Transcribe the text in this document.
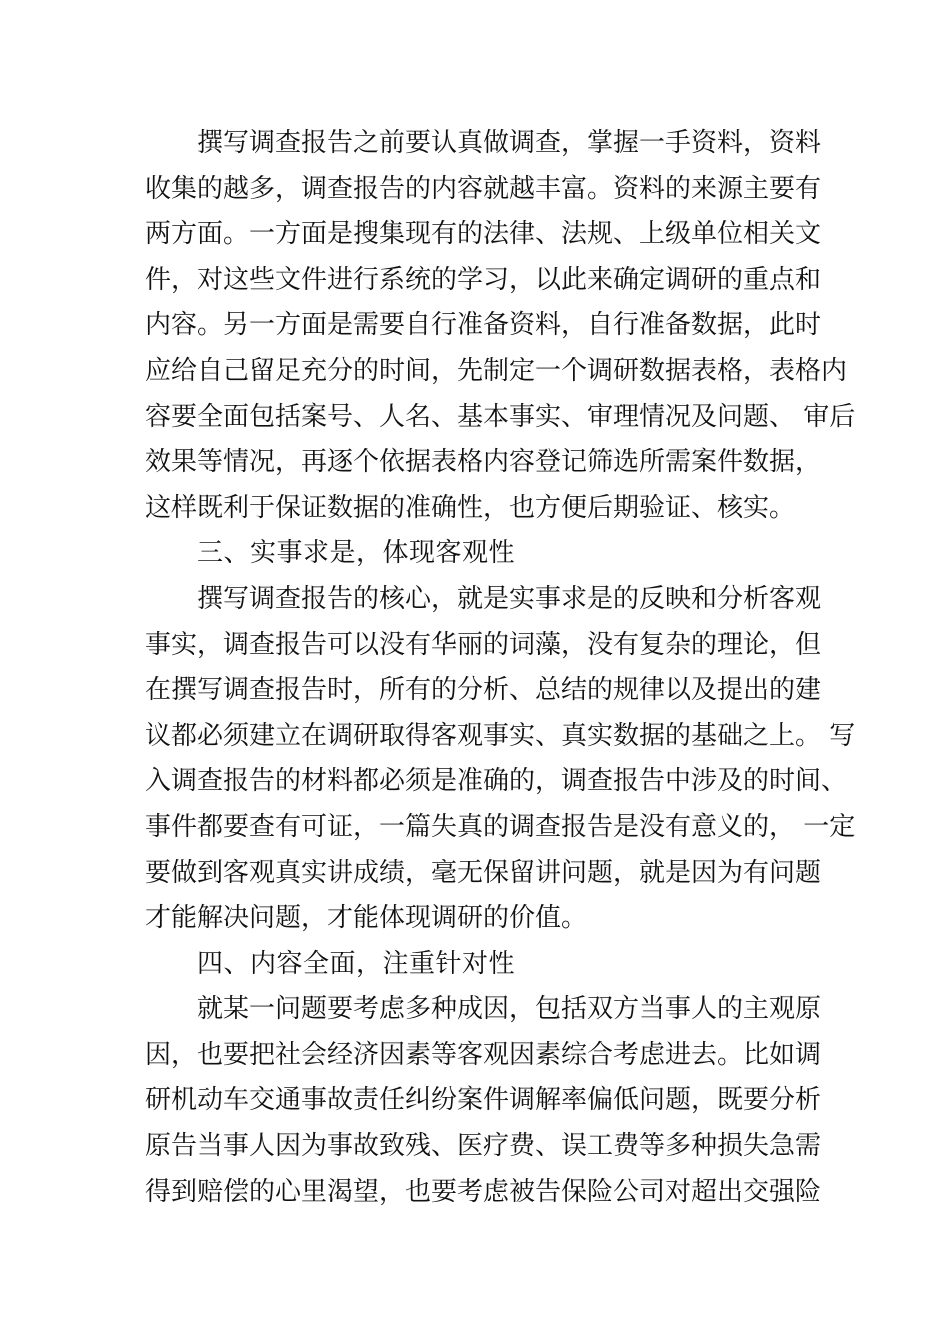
撰写调查报告之前要认真做调查，掌握一手资料，资料
收集的越多，调查报告的内容就越丰富。资料的来源主要有
两方面。一方面是搜集现有的法律、法规、上级单位相关文
件，对这些文件进行系统的学习，以此来确定调研的重点和
内容。另一方面是需要自行准备资料，自行准备数据，此时
应给自己留足充分的时间，先制定一个调研数据表格，表格内
容要全面包括案号、人名、基本事实、审理情况及问题、 审后
效果等情况，再逐个依据表格内容登记筛选所需案件数据，
这样既利于保证数据的准确性，也方便后期验证、核实。
三、实事求是，体现客观性
撰写调查报告的核心，就是实事求是的反映和分析客观
事实，调查报告可以没有华丽的词藻，没有复杂的理论，但
在撰写调查报告时，所有的分析、总结的规律以及提出的建
议都必须建立在调研取得客观事实、真实数据的基础之上。 写
入调查报告的材料都必须是准确的，调查报告中涉及的时间、
事件都要查有可证，一篇失真的调查报告是没有意义的， 一定
要做到客观真实讲成绩，毫无保留讲问题，就是因为有问题
才能解决问题，才能体现调研的价值。
四、内容全面，注重针对性
就某一问题要考虑多种成因，包括双方当事人的主观原
因，也要把社会经济因素等客观因素综合考虑进去。比如调
研机动车交通事故责任纠纷案件调解率偏低问题，既要分析
原告当事人因为事故致残、医疗费、误工费等多种损失急需
得到赔偿的心里渴望，也要考虑被告保险公司对超出交强险
